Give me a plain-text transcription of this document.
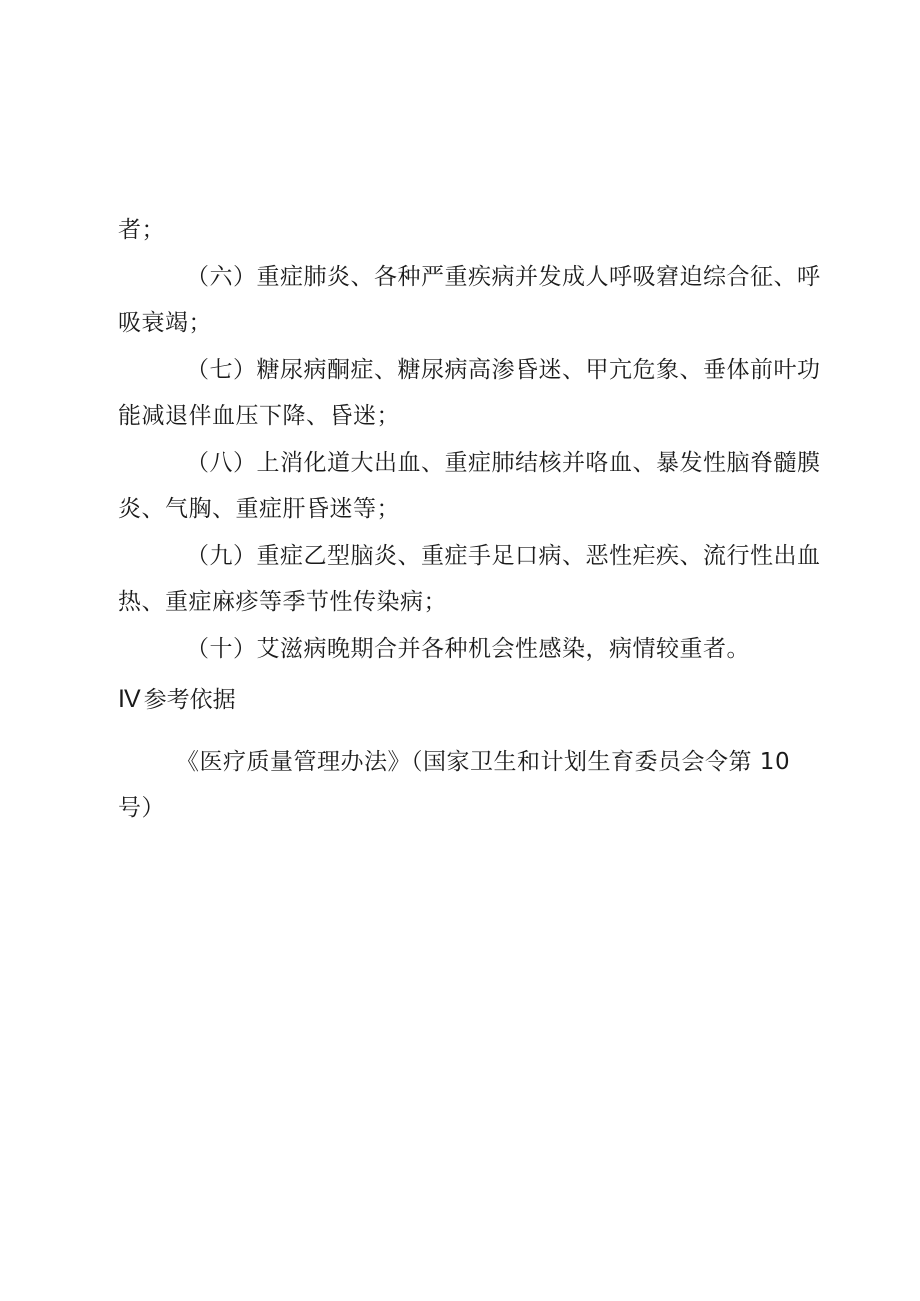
者；
（六）重症肺炎、各种严重疾病并发成人呼吸窘迫综合征、呼
吸衰竭；
（七）糖尿病酮症、糖尿病高渗昏迷、甲亢危象、垂体前叶功
能减退伴血压下降、昏迷；
（八）上消化道大出血、重症肺结核并咯血、暴发性脑脊髓膜
炎、气胸、重症肝昏迷等；
（九）重症乙型脑炎、重症手足口病、恶性疟疾、流行性出血
热、重症麻疹等季节性传染病；
（十）艾滋病晚期合并各种机会性感染，病情较重者。
IV 参考依据
《医疗质量管理办法》（国家卫生和计划生育委员会令第 10
号）
